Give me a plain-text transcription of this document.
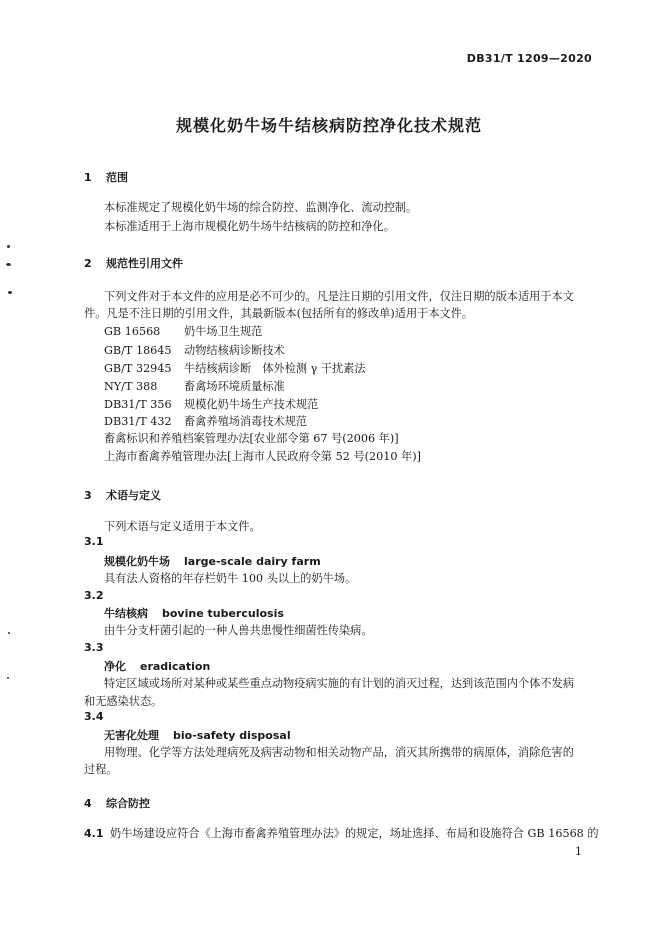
DB31/T 1209—2020
规模化奶牛场牛结核病防控净化技术规范
1 范围
本标准规定了规模化奶牛场的综合防控、监测净化、流动控制。
本标准适用于上海市规模化奶牛场牛结核病的防控和净化。
2 规范性引用文件
下列文件对于本文件的应用是必不可少的。凡是注日期的引用文件，仅注日期的版本适用于本文
件。凡是不注日期的引用文件，其最新版本(包括所有的修改单)适用于本文件。
GB 16568 奶牛场卫生规范
GB/T 18645 动物结核病诊断技术
GB/T 32945 牛结核病诊断　体外检测 γ 干扰素法
NY/T 388 畜禽场环境质量标准
DB31/T 356 规模化奶牛场生产技术规范
DB31/T 432 畜禽养殖场消毒技术规范
畜禽标识和养殖档案管理办法[农业部令第 67 号(2006 年)]
上海市畜禽养殖管理办法[上海市人民政府令第 52 号(2010 年)]
3 术语与定义
下列术语与定义适用于本文件。
3.1
规模化奶牛场 large-scale dairy farm
具有法人资格的年存栏奶牛 100 头以上的奶牛场。
3.2
牛结核病 bovine tuberculosis
由牛分支杆菌引起的一种人兽共患慢性细菌性传染病。
3.3
净化 eradication
特定区域或场所对某种或某些重点动物疫病实施的有计划的消灭过程，达到该范围内个体不发病
和无感染状态。
3.4
无害化处理 bio-safety disposal
用物理、化学等方法处理病死及病害动物和相关动物产品，消灭其所携带的病原体，消除危害的
过程。
4 综合防控
4.1 奶牛场建设应符合《上海市畜禽养殖管理办法》的规定，场址选择、布局和设施符合 GB 16568 的
1
